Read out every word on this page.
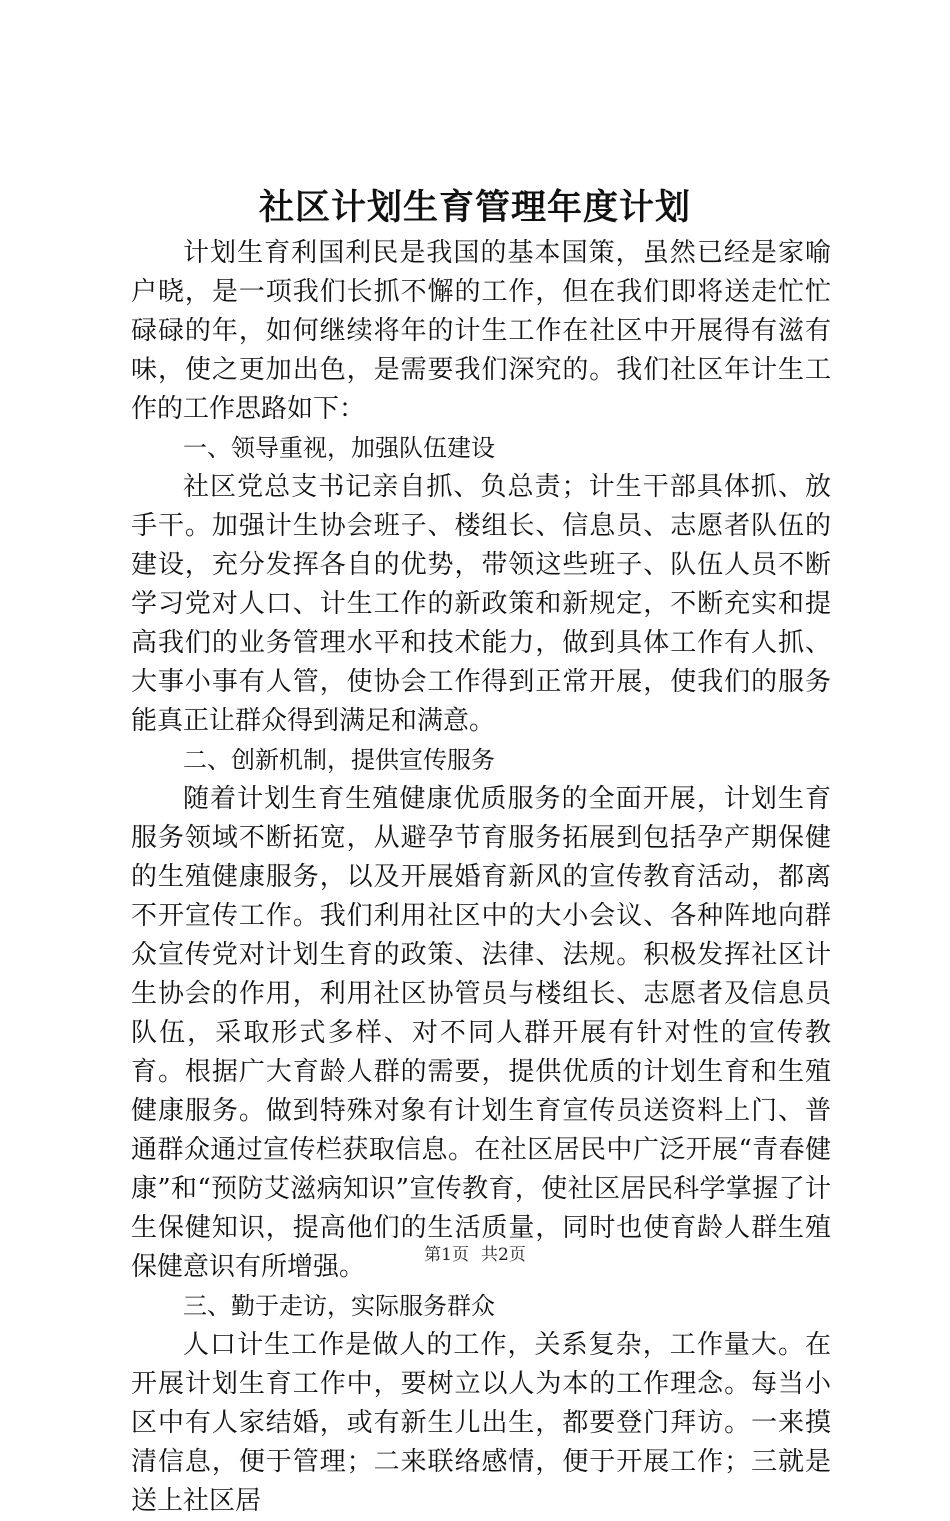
社区计划生育管理年度计划

计划生育利国利民是我国的基本国策，虽然已经是家喻户晓，是一项我们长抓不懈的工作，但在我们即将送走忙忙碌碌的年，如何继续将年的计生工作在社区中开展得有滋有味，使之更加出色，是需要我们深究的。我们社区年计生工作的工作思路如下：

一、领导重视，加强队伍建设

社区党总支书记亲自抓、负总责；计生干部具体抓、放手干。加强计生协会班子、楼组长、信息员、志愿者队伍的建设，充分发挥各自的优势，带领这些班子、队伍人员不断学习党对人口、计生工作的新政策和新规定，不断充实和提高我们的业务管理水平和技术能力，做到具体工作有人抓、大事小事有人管，使协会工作得到正常开展，使我们的服务能真正让群众得到满足和满意。

二、创新机制，提供宣传服务

随着计划生育生殖健康优质服务的全面开展，计划生育服务领域不断拓宽，从避孕节育服务拓展到包括孕产期保健的生殖健康服务，以及开展婚育新风的宣传教育活动，都离不开宣传工作。我们利用社区中的大小会议、各种阵地向群众宣传党对计划生育的政策、法律、法规。积极发挥社区计生协会的作用，利用社区协管员与楼组长、志愿者及信息员队伍，采取形式多样、对不同人群开展有针对性的宣传教育。根据广大育龄人群的需要，提供优质的计划生育和生殖健康服务。做到特殊对象有计划生育宣传员送资料上门、普通群众通过宣传栏获取信息。在社区居民中广泛开展“青春健康”和“预防艾滋病知识”宣传教育，使社区居民科学掌握了计生保健知识，提高他们的生活质量，同时也使育龄人群生殖保健意识有所增强。

三、勤于走访，实际服务群众

人口计生工作是做人的工作，关系复杂，工作量大。在开展计划生育工作中，要树立以人为本的工作理念。每当小区中有人家结婚，或有新生儿出生，都要登门拜访。一来摸清信息，便于管理；二来联络感情，便于开展工作；三就是送上社区居

第1页 共2页
